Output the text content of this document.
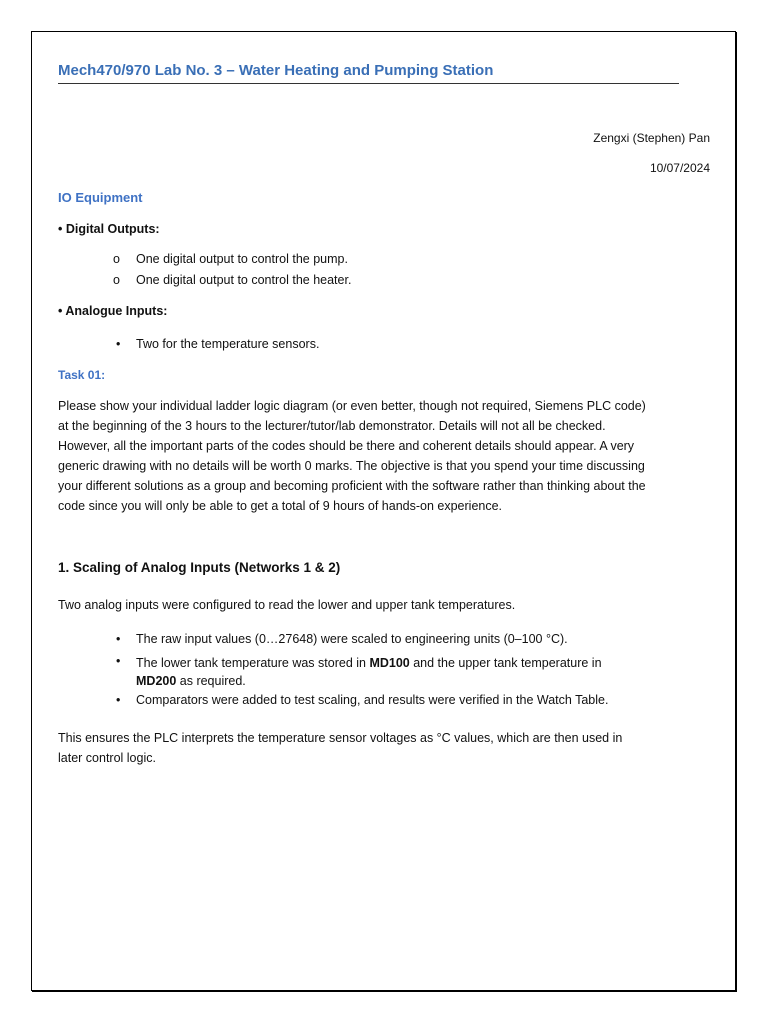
Mech470/970 Lab No. 3 – Water Heating and Pumping Station
Zengxi (Stephen) Pan
10/07/2024
IO Equipment
• Digital Outputs:
o One digital output to control the pump.
o One digital output to control the heater.
• Analogue Inputs:
• Two for the temperature sensors.
Task 01:
Please show your individual ladder logic diagram (or even better, though not required, Siemens PLC code) at the beginning of the 3 hours to the lecturer/tutor/lab demonstrator. Details will not all be checked. However, all the important parts of the codes should be there and coherent details should appear. A very generic drawing with no details will be worth 0 marks. The objective is that you spend your time discussing your different solutions as a group and becoming proficient with the software rather than thinking about the code since you will only be able to get a total of 9 hours of hands-on experience.
1. Scaling of Analog Inputs (Networks 1 & 2)
Two analog inputs were configured to read the lower and upper tank temperatures.
• The raw input values (0…27648) were scaled to engineering units (0–100 °C).
• The lower tank temperature was stored in MD100 and the upper tank temperature in
MD200 as required.
• Comparators were added to test scaling, and results were verified in the Watch Table.
This ensures the PLC interprets the temperature sensor voltages as °C values, which are then used in later control logic.
